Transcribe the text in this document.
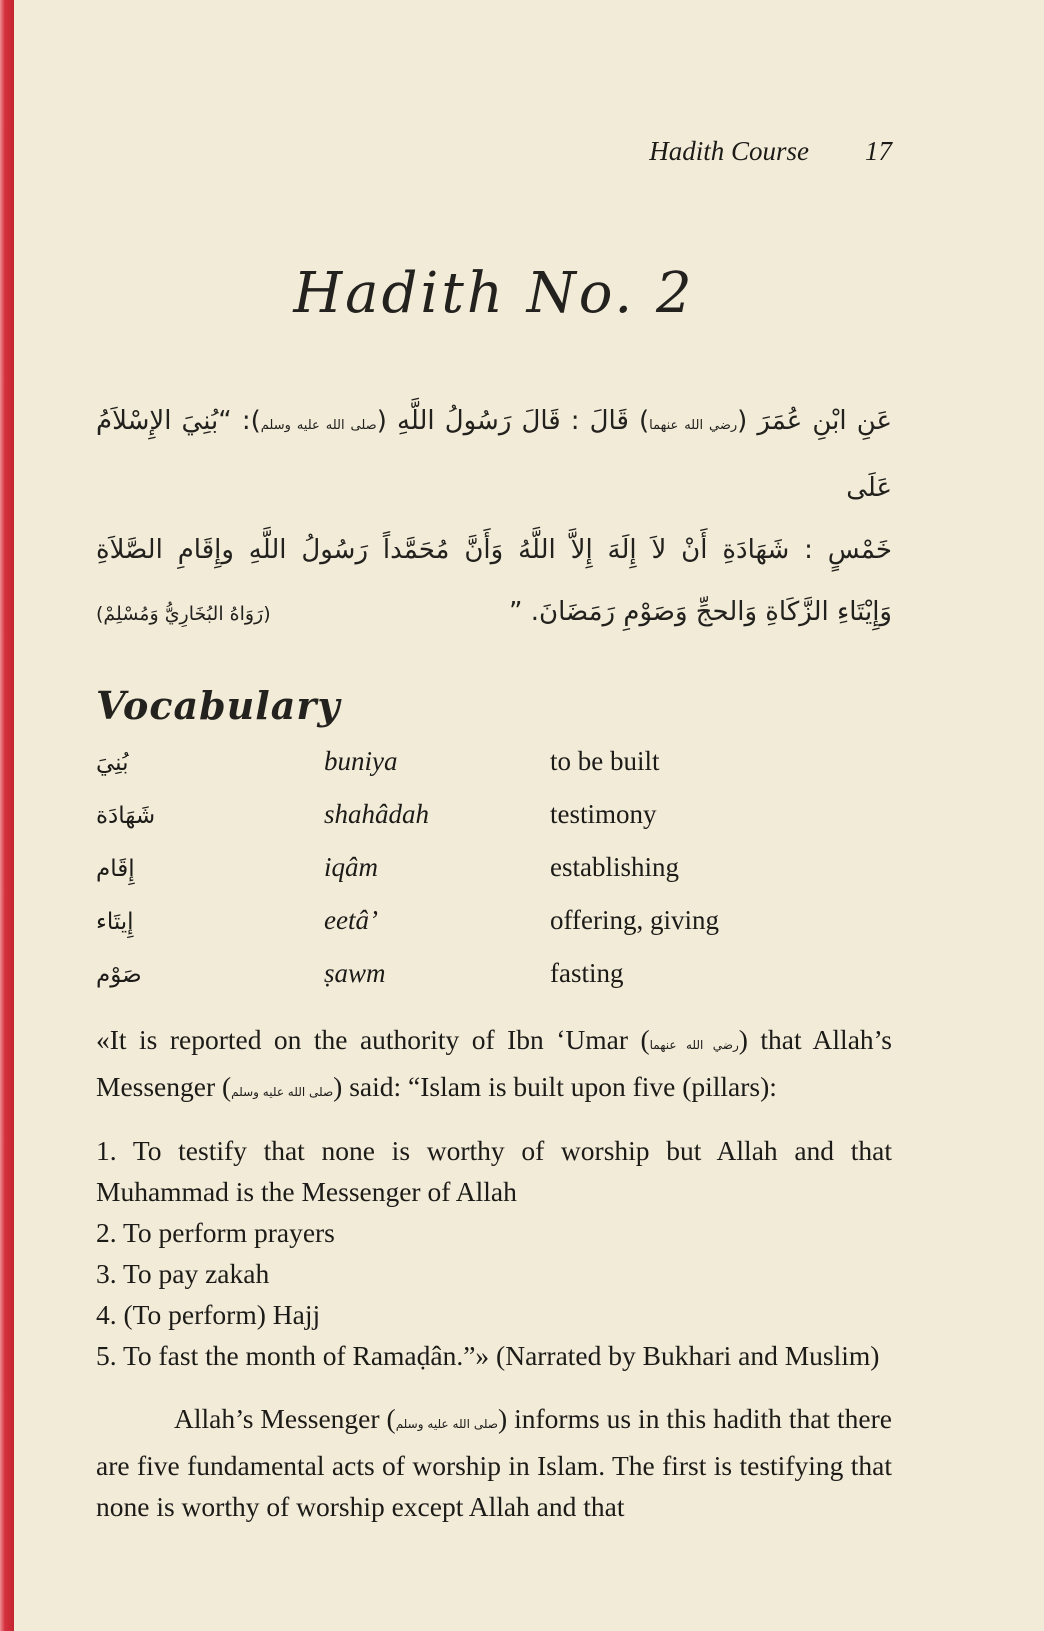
Hadith Course 17
Hadith No. 2
عَنِ ابْنِ عُمَرَ (رضي الله عنهما) قَالَ : قَالَ رَسُولُ اللَّهِ (صلى الله عليه وسلم): “بُنِيَ الإِسْلاَمُ عَلَى
خَمْسٍ : شَهَادَةِ أَنْ لاَ إِلَهَ إِلاَّ اللَّهُ وَأَنَّ مُحَمَّداً رَسُولُ اللَّهِ وإِقَامِ الصَّلاَةِ
(رَوَاهُ البُخَارِيُّ وَمُسْلِمْ)	وَإِيْتَاءِ الزَّكَاةِ وَالحجِّ وَصَوْمِ رَمَضَانَ. ”
Vocabulary
بُنِيَ	buniya	to be built
شَهَادَة	shahâdah	testimony
إِقَام	iqâm	establishing
إِيتَاء	eetâ’	offering, giving
صَوْم	ṣawm	fasting

«It is reported on the authority of Ibn ‘Umar (رضي الله عنهما) that Allah’s Messenger (صلى الله عليه وسلم) said: “Islam is built upon five (pillars):

1. To testify that none is worthy of worship but Allah and that Muhammad is the Messenger of Allah

2. To perform prayers

3. To pay zakah

4. (To perform) Hajj

5. To fast the month of Ramaḍân.”» (Narrated by Bukhari and Muslim)

Allah’s Messenger (صلى الله عليه وسلم) informs us in this hadith that there are five fundamental acts of worship in Islam. The first is testifying that none is worthy of worship except Allah and that
